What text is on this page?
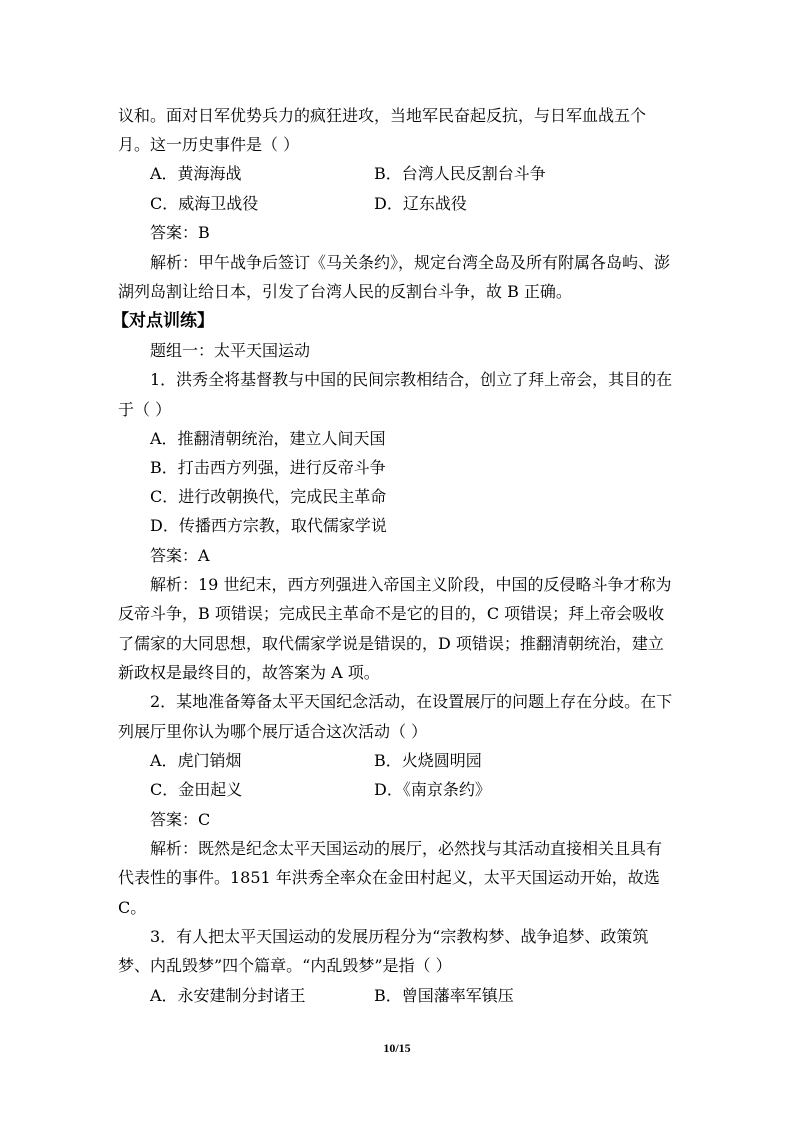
议和。面对日军优势兵力的疯狂进攻，当地军民奋起反抗，与日军血战五个
月。这一历史事件是（ ）
A．黄海海战	B．台湾人民反割台斗争
C．威海卫战役	D．辽东战役
答案：B
解析：甲午战争后签订《马关条约》，规定台湾全岛及所有附属各岛屿、澎
湖列岛割让给日本，引发了台湾人民的反割台斗争，故 B 正确。
【对点训练】
题组一：太平天国运动
1．洪秀全将基督教与中国的民间宗教相结合，创立了拜上帝会，其目的在
于（ ）
A．推翻清朝统治，建立人间天国
B．打击西方列强，进行反帝斗争
C．进行改朝换代，完成民主革命
D．传播西方宗教，取代儒家学说
答案：A
解析：19 世纪末，西方列强进入帝国主义阶段，中国的反侵略斗争才称为
反帝斗争，B 项错误；完成民主革命不是它的目的，C 项错误；拜上帝会吸收
了儒家的大同思想，取代儒家学说是错误的，D 项错误；推翻清朝统治，建立
新政权是最终目的，故答案为 A 项。
2．某地准备筹备太平天国纪念活动，在设置展厅的问题上存在分歧。在下
列展厅里你认为哪个展厅适合这次活动（ ）
A．虎门销烟	B．火烧圆明园
C．金田起义	D．《南京条约》
答案：C
解析：既然是纪念太平天国运动的展厅，必然找与其活动直接相关且具有
代表性的事件。1851 年洪秀全率众在金田村起义，太平天国运动开始，故选
C。
3．有人把太平天国运动的发展历程分为“宗教构梦、战争追梦、政策筑
梦、内乱毁梦”四个篇章。“内乱毁梦”是指（ ）
A．永安建制分封诸王	B．曾国藩率军镇压
10/15
